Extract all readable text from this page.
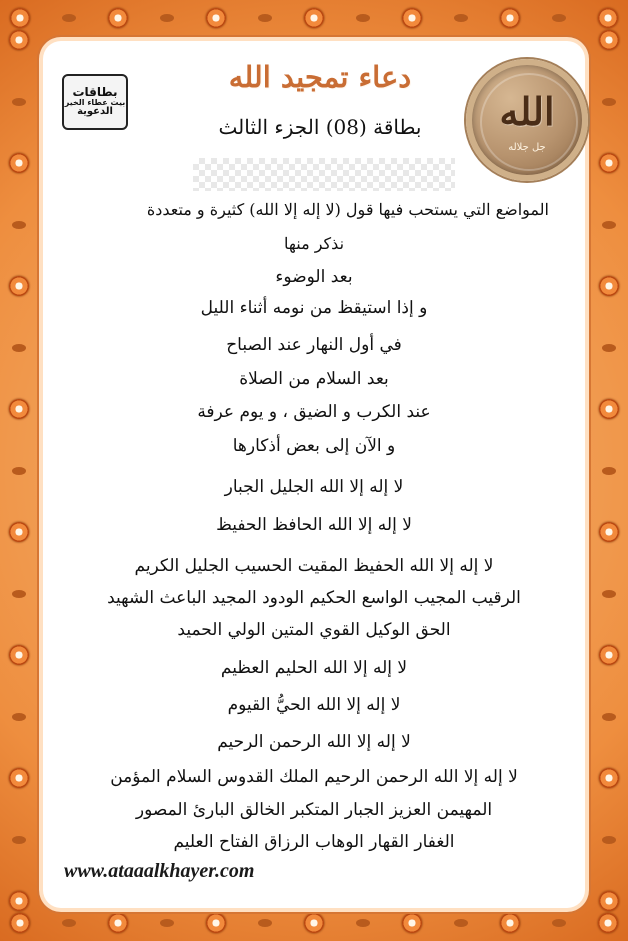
بطاقات
بيت عطاء الخير
الدعوية	الله
جل جلاله
دعاء تمجيد الله
بطاقة (08) الجزء الثالث
المواضع التي يستحب فيها قول (لا إله إلا الله) كثيرة و متعددة
نذكر منها
بعد الوضوء
و إذا استيقظ من نومه أثناء الليل
في أول النهار عند الصباح
بعد السلام من الصلاة
عند الكرب و الضيق ، و يوم عرفة
و الآن إلى بعض أذكارها
لا إله إلا الله الجليل الجبار
لا إله إلا الله الحافظ الحفيظ
لا إله إلا الله الحفيظ المقيت الحسيب الجليل الكريم
الرقيب المجيب الواسع الحكيم الودود المجيد الباعث الشهيد
الحق الوكيل القوي المتين الولي الحميد
لا إله إلا الله الحليم العظيم
لا إله إلا الله الحيُّ القيوم
لا إله إلا الله الرحمن الرحيم
لا إله إلا الله الرحمن الرحيم الملك القدوس السلام المؤمن
المهيمن العزيز الجبار المتكبر الخالق البارئ المصور
الغفار القهار الوهاب الرزاق الفتاح العليم
www.ataaalkhayer.com
